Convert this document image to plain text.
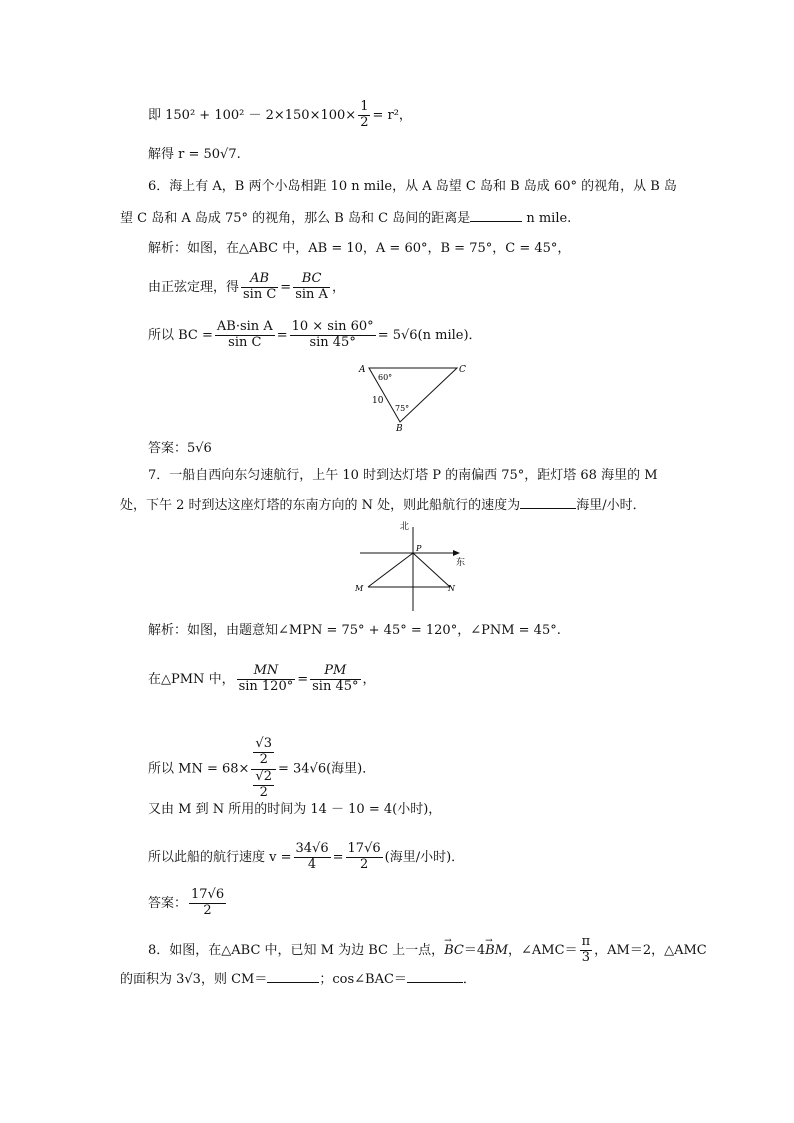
即 $150^2 + 100^2 - 2\times 150\times 100\times \frac{1}{2} = r^2$，
解得 r = 50√7.
6．海上有 A，B 两个小岛相距 10 n mile，从 A 岛望 C 岛和 B 岛成 60° 的视角，从 B 岛
望 C 岛和 A 岛成 75° 的视角，那么 B 岛和 C 岛间的距离是	n mile.
解析：如图，在△ABC 中，AB = 10，A = 60°，B = 75°，C = 45°，
由正弦定理，得 $\frac{AB}{\text{sin C}} = \frac{BC}{\text{sin A}}$ ，
所以 BC = $\frac{\text{AB·sin A}}{\text{sin C}} = \frac{10 \times \sin 60^\circ}{\sin 45^\circ} = 5√6(n$ mile)．
A	C
B
60°
75°
10
答案：5√6
7．一船自西向东匀速航行，上午 10 时到达灯塔 P 的南偏西 75°，距灯塔 68 海里的 M
处，下午 2 时到达这座灯塔的东南方向的 N 处，则此船航行的速度为	海里/小时．
北
东
P
M	N
解析：如图，由题意知∠MPN = 75° + 45° = 120°，∠PNM = 45°.
在△PMN 中， $\frac{MN}{\sin 120^\circ} = \frac{PM}{\sin 45^\circ}$ ，
所以 MN = $68\times \frac{\frac{√3}{2}}{\frac{√2}{2}} = 34√6$(海里)．
又由 M 到 N 所用的时间为 14 － 10 = 4(小时)，
所以此船的航行速度 $v = \frac{34√6}{4} = \frac{17√6}{2}$ (海里/小时)．
答案： $\frac{17√6}{2}$
8．如图，在△ABC 中，已知 M 为边 BC 上一点，→ BC＝4→ BM，∠AMC＝ $\frac{\pi}{3}$ ，AM＝2，△AMC
的面积为 3√3，则 CM＝	；cos∠BAC＝	．
